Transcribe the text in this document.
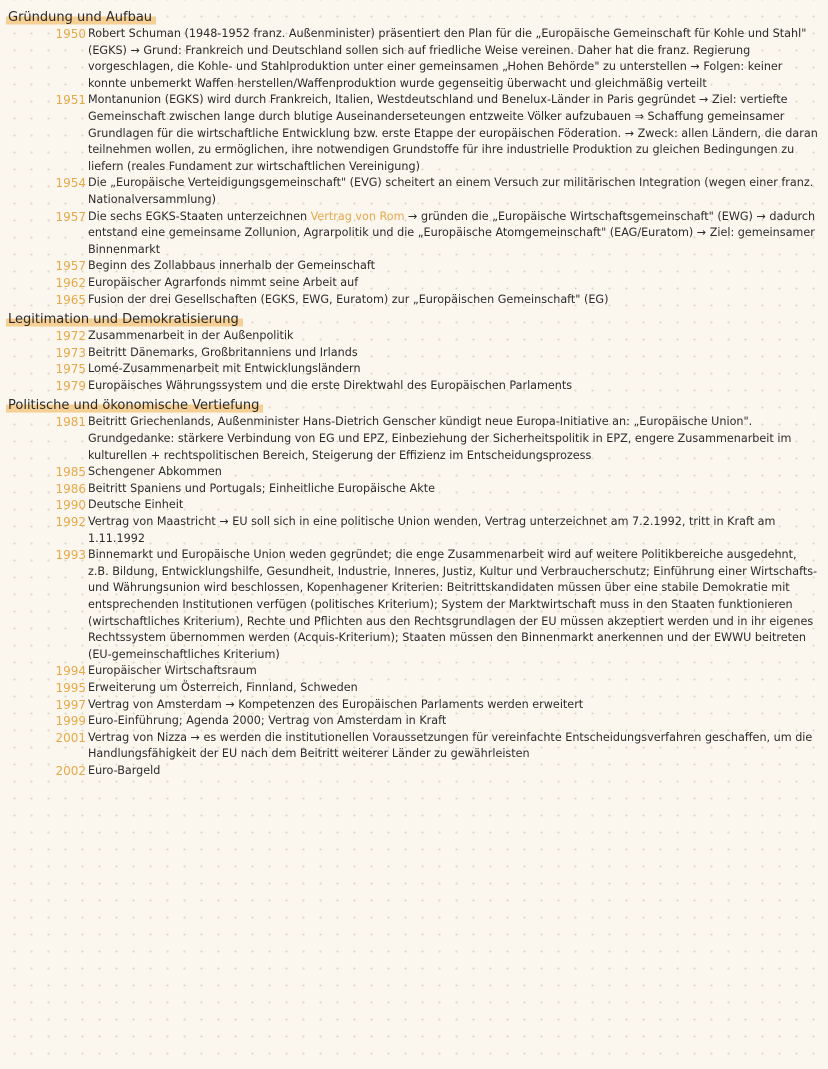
Gründung und Aufbau
1950 Robert Schuman (1948-1952 franz. Außenminister) präsentiert den Plan für die „Europäische Gemeinschaft für Kohle und Stahl" (EGKS) → Grund: Frankreich und Deutschland sollen sich auf friedliche Weise vereinen. Daher hat die franz. Regierung vorgeschlagen, die Kohle- und Stahlproduktion unter einer gemeinsamen „Hohen Behörde" zu unterstellen → Folgen: keiner konnte unbemerkt Waffen herstellen/Waffenproduktion wurde gegenseitig überwacht und gleichmäßig verteilt
1951 Montanunion (EGKS) wird durch Frankreich, Italien, Westdeutschland und Benelux-Länder in Paris gegründet → Ziel: vertiefte Gemeinschaft zwischen lange durch blutige Auseinanderseteungen entzweite Völker aufzubauen ⇒ Schaffung gemeinsamer Grundlagen für die wirtschaftliche Entwicklung bzw. erste Etappe der europäischen Föderation. → Zweck: allen Ländern, die daran teilnehmen wollen, zu ermöglichen, ihre notwendigen Grundstoffe für ihre industrielle Produktion zu gleichen Bedingungen zu liefern (reales Fundament zur wirtschaftlichen Vereinigung)
1954 Die „Europäische Verteidigungsgemeinschaft" (EVG) scheitert an einem Versuch zur militärischen Integration (wegen einer franz. Nationalversammlung)
1957 Die sechs EGKS-Staaten unterzeichnen Vertrag von Rom → gründen die „Europäische Wirtschaftsgemeinschaft" (EWG) → dadurch entstand eine gemeinsame Zollunion, Agrarpolitik und die „Europäische Atomgemeinschaft" (EAG/Euratom) → Ziel: gemeinsamer Binnenmarkt
1957 Beginn des Zollabbaus innerhalb der Gemeinschaft
1962 Europäischer Agrarfonds nimmt seine Arbeit auf
1965 Fusion der drei Gesellschaften (EGKS, EWG, Euratom) zur „Europäischen Gemeinschaft" (EG)
Legitimation und Demokratisierung
1972 Zusammenarbeit in der Außenpolitik
1973 Beitritt Dänemarks, Großbritanniens und Irlands
1975 Lomé-Zusammenarbeit mit Entwicklungsländern
1979 Europäisches Währungssystem und die erste Direktwahl des Europäischen Parlaments
Politische und ökonomische Vertiefung
1981 Beitritt Griechenlands, Außenminister Hans-Dietrich Genscher kündigt neue Europa-Initiative an: „Europäische Union". Grundgedanke: stärkere Verbindung von EG und EPZ, Einbeziehung der Sicherheitspolitik in EPZ, engere Zusammenarbeit im kulturellen + rechtspolitischen Bereich, Steigerung der Effizienz im Entscheidungsprozess
1985 Schengener Abkommen
1986 Beitritt Spaniens und Portugals; Einheitliche Europäische Akte
1990 Deutsche Einheit
1992 Vertrag von Maastricht → EU soll sich in eine politische Union wenden, Vertrag unterzeichnet am 7.2.1992, tritt in Kraft am 1.11.1992
1993 Binnemarkt und Europäische Union weden gegründet; die enge Zusammenarbeit wird auf weitere Politikbereiche ausgedehnt, z.B. Bildung, Entwicklungshilfe, Gesundheit, Industrie, Inneres, Justiz, Kultur und Verbraucherschutz; Einführung einer Wirtschafts- und Währungsunion wird beschlossen, Kopenhagener Kriterien: Beitrittskandidaten müssen über eine stabile Demokratie mit entsprechenden Institutionen verfügen (politisches Kriterium); System der Marktwirtschaft muss in den Staaten funktionieren (wirtschaftliches Kriterium), Rechte und Pflichten aus den Rechtsgrundlagen der EU müssen akzeptiert werden und in ihr eigenes Rechtssystem übernommen werden (Acquis-Kriterium); Staaten müssen den Binnenmarkt anerkennen und der EWWU beitreten (EU-gemeinschaftliches Kriterium)
1994 Europäischer Wirtschaftsraum
1995 Erweiterung um Österreich, Finnland, Schweden
1997 Vertrag von Amsterdam → Kompetenzen des Europäischen Parlaments werden erweitert
1999 Euro-Einführung; Agenda 2000; Vertrag von Amsterdam in Kraft
2001 Vertrag von Nizza → es werden die institutionellen Voraussetzungen für vereinfachte Entscheidungsverfahren geschaffen, um die Handlungsfähigkeit der EU nach dem Beitritt weiterer Länder zu gewährleisten
2002 Euro-Bargeld
